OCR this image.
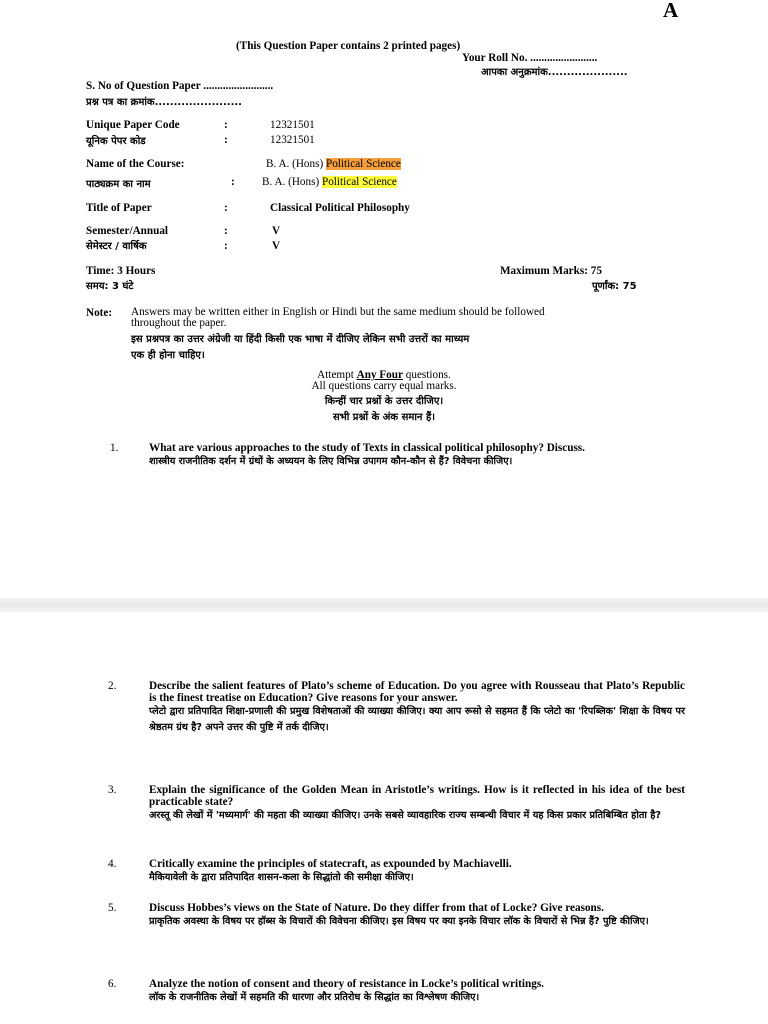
A
(This Question Paper contains 2 printed pages)
Your Roll No. ........................
आपका अनुक्रमांक.....................
S. No of Question Paper .........................
प्रश्न पत्र का क्रमांक.......................
Unique Paper Code	:	12321501
यूनिक पेपर कोड	:	12321501
Name of the Course:	B. A. (Hons) Political Science
पाठ्यक्रम का नाम	: B. A. (Hons) Political Science
Title of Paper	:	Classical Political Philosophy
Semester/Annual	:	V
सेमेस्टर / वार्षिक	:	V
Time: 3 Hours
समय: 3 घंटे
Maximum Marks: 75
पूर्णांक: 75
Note: Answers may be written either in English or Hindi but the same medium should be followed
throughout the paper.
इस प्रश्नपत्र का उत्तर अंग्रेजी या हिंदी किसी एक भाषा में दीजिए लेकिन सभी उत्तरों का माध्यम
एक ही होना चाहिए।
Attempt Any Four questions.
All questions carry equal marks.
किन्हीं चार प्रश्नों के उत्तर दीजिए।
सभी प्रश्नों के अंक समान हैं।
1.	What are various approaches to the study of Texts in classical political philosophy? Discuss.
शास्त्रीय राजनीतिक दर्शन में ग्रंथों के अध्ययन के लिए विभिन्न उपागम कौन-कौन से हैं? विवेचना कीजिए।
2.	Describe the salient features of Plato’s scheme of Education. Do you agree with Rousseau that Plato’s Republic is the finest treatise on Education? Give reasons for your answer.
प्लेटो द्वारा प्रतिपादित शिक्षा-प्रणाली की प्रमुख विशेषताओं की व्याख्या कीजिए। क्या आप रूसो से सहमत हैं कि प्लेटो का 'रिपब्लिक' शिक्षा के विषय पर श्रेष्ठतम ग्रंथ है? अपने उत्तर की पुष्टि में तर्क दीजिए।
3.	Explain the significance of the Golden Mean in Aristotle’s writings. How is it reflected in his idea of the best practicable state?
अरस्तू की लेखों में 'मध्यमार्ग' की महता की व्याख्या कीजिए। उनके सबसे व्यावहारिक राज्य सम्बन्धी विचार में यह किस प्रकार प्रतिबिम्बित होता है?
4.	Critically examine the principles of statecraft, as expounded by Machiavelli.
मैकियावेली के द्वारा प्रतिपादित शासन-कला के सिद्धांतो की समीक्षा कीजिए।
5.	Discuss Hobbes’s views on the State of Nature. Do they differ from that of Locke? Give reasons.
प्राकृतिक अवस्था के विषय पर हॉब्स के विचारों की विवेचना कीजिए। इस विषय पर क्या इनके विचार लॉक के विचारों से भिन्न हैं? पुष्टि कीजिए।
6.	Analyze the notion of consent and theory of resistance in Locke’s political writings.
लॉक के राजनीतिक लेखों में सहमति की धारणा और प्रतिरोध के सिद्धांत का विश्लेषण कीजिए।
